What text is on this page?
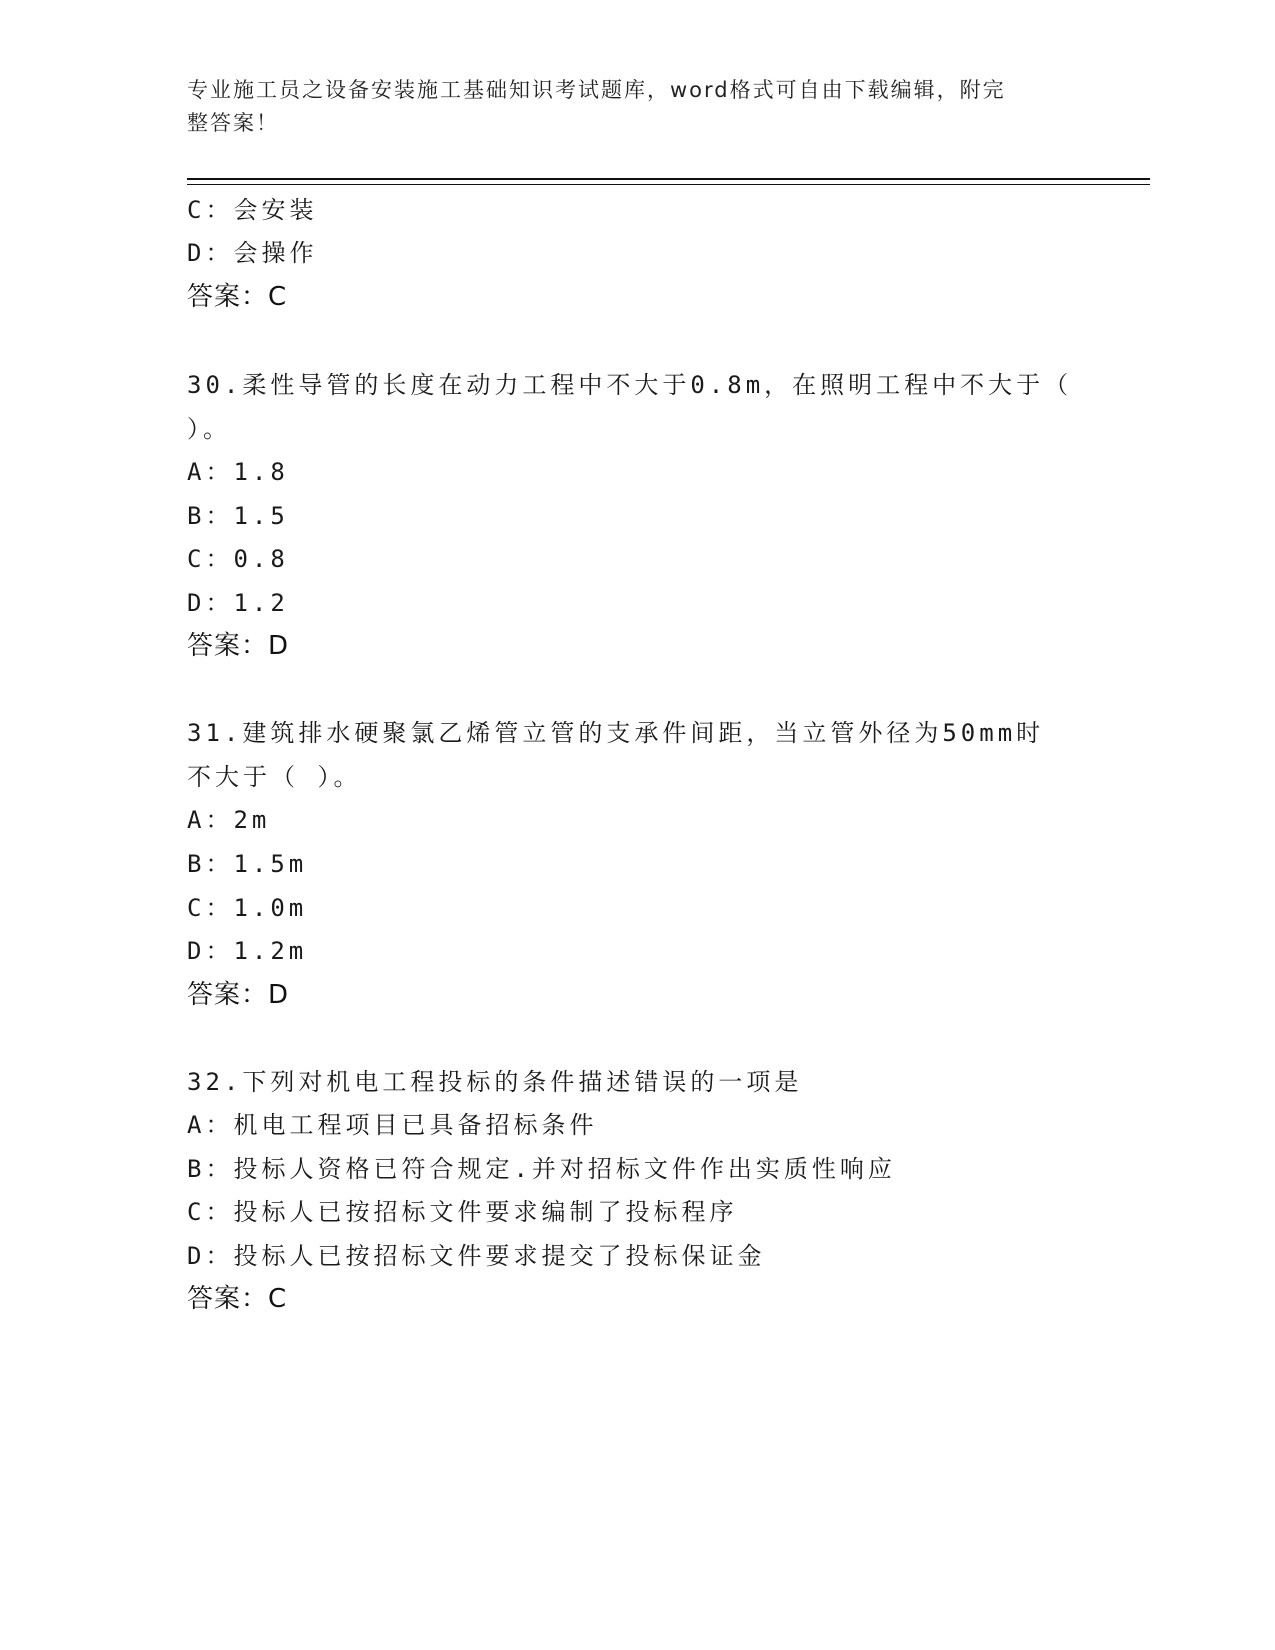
专业施工员之设备安装施工基础知识考试题库，word格式可自由下载编辑，附完
整答案！
C：会安装
D：会操作
答案：C
30.柔性导管的长度在动力工程中不大于0.8m，在照明工程中不大于（
）。
A：1.8
B：1.5
C：0.8
D：1.2
答案：D
31.建筑排水硬聚氯乙烯管立管的支承件间距，当立管外径为50mm时
不大于（ ）。
A：2m
B：1.5m
C：1.0m
D：1.2m
答案：D
32.下列对机电工程投标的条件描述错误的一项是
A：机电工程项目已具备招标条件
B：投标人资格已符合规定.并对招标文件作出实质性响应
C：投标人已按招标文件要求编制了投标程序
D：投标人已按招标文件要求提交了投标保证金
答案：C
